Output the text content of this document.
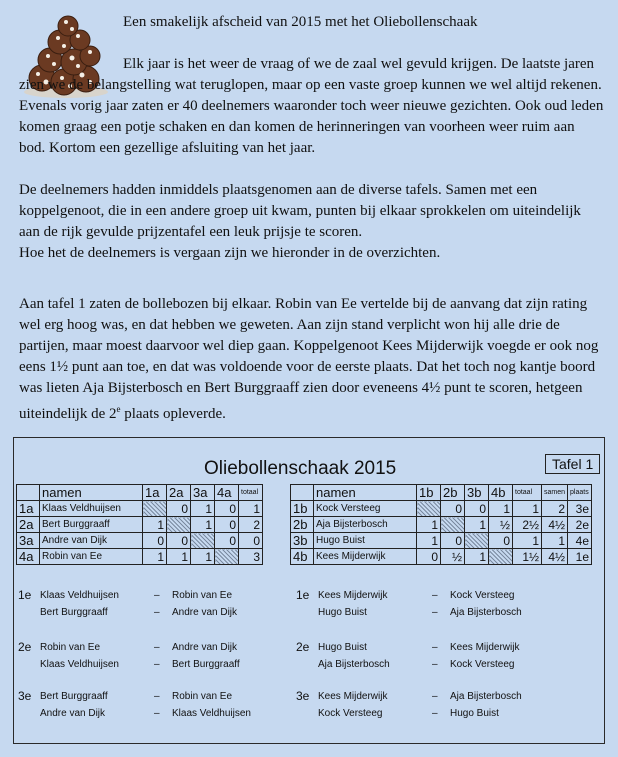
Een smakelijk afscheid van 2015 met het Oliebollenschaak
Elk jaar is het weer de vraag of we de zaal wel gevuld krijgen. De laatste jaren zien we de belangstelling wat teruglopen, maar op een vaste groep kunnen we wel altijd rekenen. Evenals vorig jaar zaten er 40 deelnemers waaronder toch weer nieuwe gezichten. Ook oud leden komen graag een potje schaken en dan komen de herinneringen van voorheen weer ruim aan bod. Kortom een gezellige afsluiting van het jaar.

De deelnemers hadden inmiddels plaatsgenomen aan de diverse tafels. Samen met een koppelgenoot, die in een andere groep uit kwam, punten bij elkaar sprokkelen om uiteindelijk aan de rijk gevulde prijzentafel een leuk prijsje te scoren.

Hoe het de deelnemers is vergaan zijn we hieronder in de overzichten.

Aan tafel 1 zaten de bollebozen bij elkaar. Robin van Ee vertelde bij de aanvang dat zijn rating wel erg hoog was, en dat hebben we geweten. Aan zijn stand verplicht won hij alle drie de partijen, maar moest daarvoor wel diep gaan. Koppelgenoot Kees Mijderwijk voegde er ook nog eens 1½ punt aan toe, en dat was voldoende voor de eerste plaats. Dat het toch nog kantje boord was lieten Aja Bijsterbosch en Bert Burggraaff zien door eveneens 4½ punt te scoren, hetgeen uiteindelijk de 2e plaats opleverde.

Oliebollenschaak 2015	Tafel 1
	namen	1a	2a	3a	4a	totaal
1a	Klaas Veldhuijsen		0	1	0	1
2a	Bert Burggraaff	1		1	0	2
3a	Andre van Dijk	0	0		0	0
4a	Robin van Ee	1	1	1		3
	namen	1b	2b	3b	4b	totaal	samen	plaats
1b	Kock Versteeg		0	0	1	1	2	3e
2b	Aja Bijsterbosch	1		1	½	2½	4½	2e
3b	Hugo Buist	1	0		0	1	1	4e
4b	Kees Mijderwijk	0	½	1		1½	4½	1e
1e Klaas Veldhuijsen	– Robin van Ee
Bert Burggraaff	– Andre van Dijk
2e Robin van Ee	– Andre van Dijk
Klaas Veldhuijsen	– Bert Burggraaff
3e Bert Burggraaff	– Robin van Ee
Andre van Dijk	– Klaas Veldhuijsen
1e Kees Mijderwijk	– Kock Versteeg
Hugo Buist	– Aja Bijsterbosch
2e Hugo Buist	– Kees Mijderwijk
Aja Bijsterbosch	– Kock Versteeg
3e Kees Mijderwijk	– Aja Bijsterbosch
Kock Versteeg	– Hugo Buist
